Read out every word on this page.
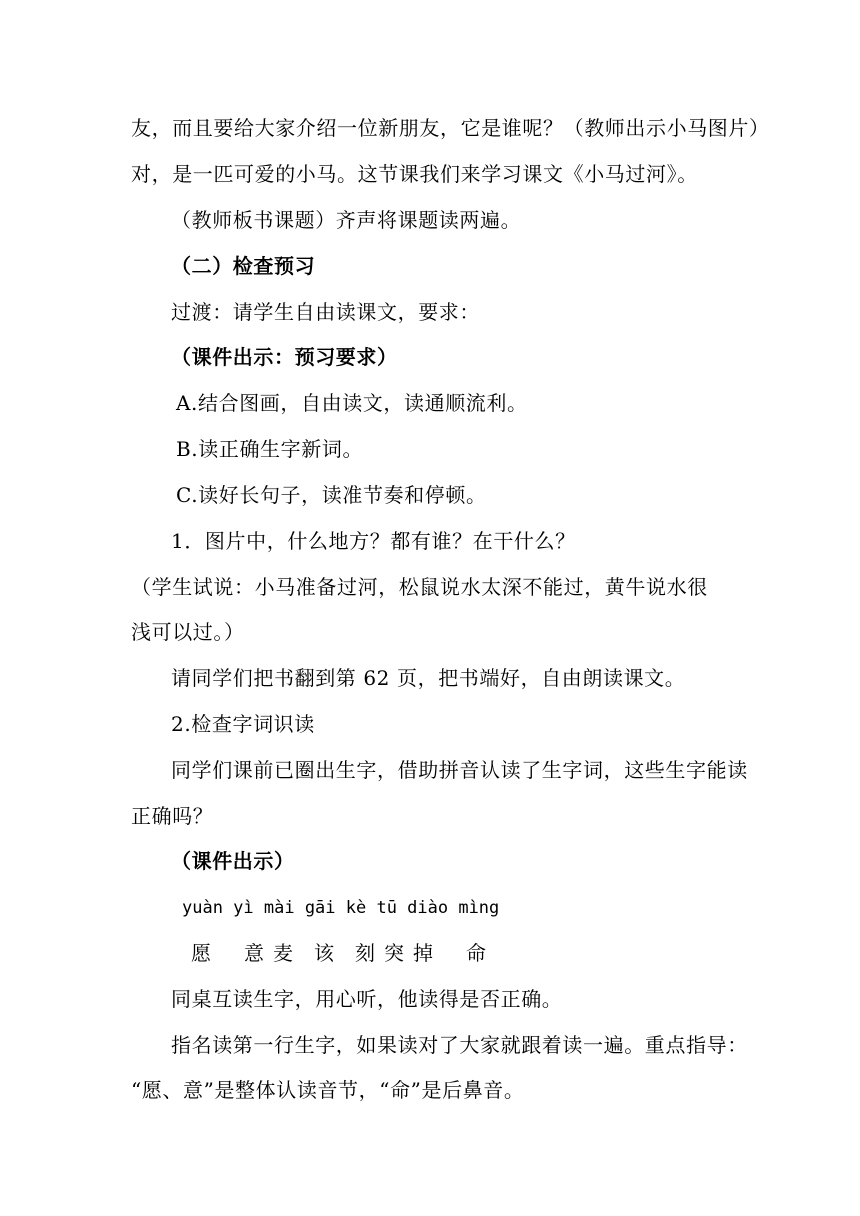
友，而且要给大家介绍一位新朋友，它是谁呢？（教师出示小马图片）
对，是一匹可爱的小马。这节课我们来学习课文《小马过河》。
（教师板书课题）齐声将课题读两遍。
（二）检查预习
过渡：请学生自由读课文，要求：
（课件出示：预习要求）
A.结合图画，自由读文，读通顺流利。
B.读正确生字新词。
C.读好长句子，读准节奏和停顿。
1．图片中，什么地方？都有谁？在干什么？
（学生试说：小马准备过河，松鼠说水太深不能过，黄牛说水很
浅可以过。）
请同学们把书翻到第 62 页，把书端好，自由朗读课文。
2.检查字词识读
同学们课前已圈出生字，借助拼音认读了生字词，这些生字能读
正确吗？
（课件出示）
yuàn yì mài gāi kè tū diào mìng
愿 意 麦 该 刻 突 掉 命
同桌互读生字，用心听，他读得是否正确。
指名读第一行生字，如果读对了大家就跟着读一遍。重点指导：
“愿、意”是整体认读音节，“命”是后鼻音。
